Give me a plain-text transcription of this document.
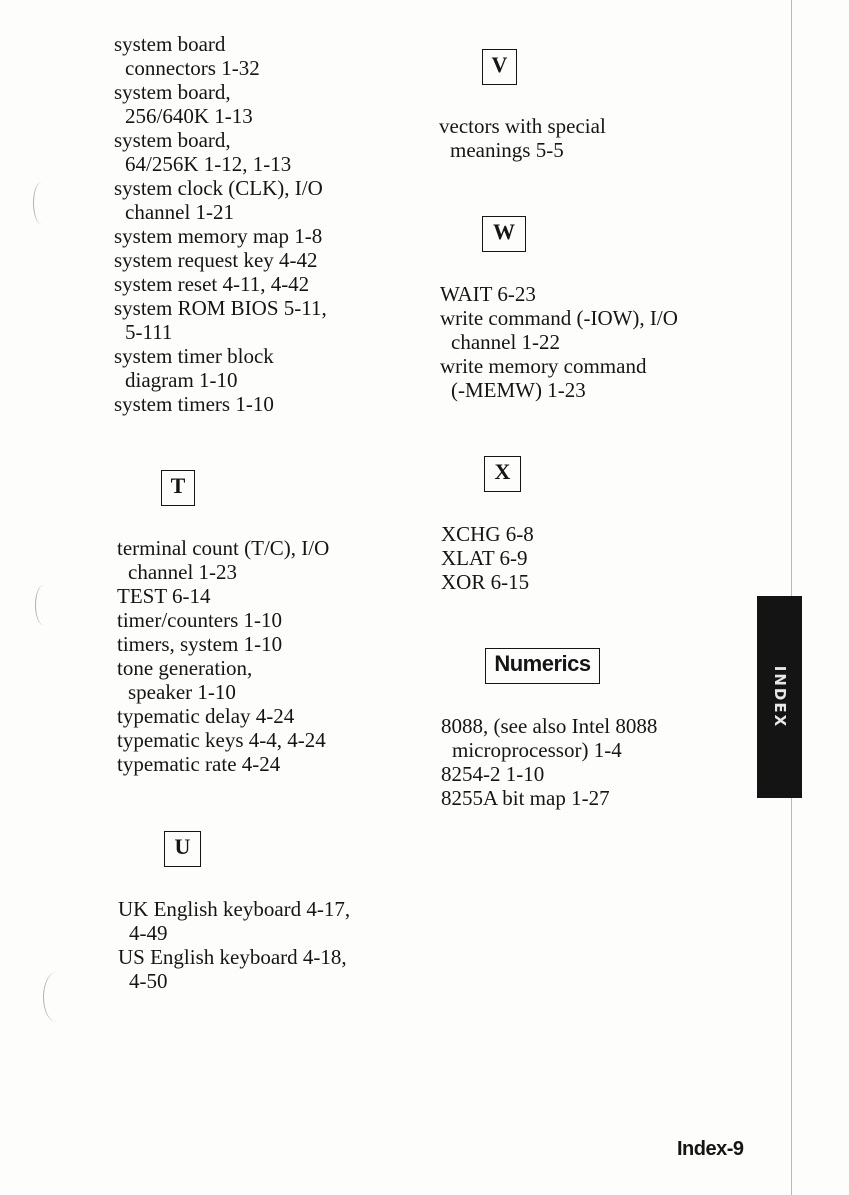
system board
connectors 1-32
system board,
256/640K 1-13
system board,
64/256K 1-12, 1-13
system clock (CLK), I/O
channel 1-21
system memory map 1-8
system request key 4-42
system reset 4-11, 4-42
system ROM BIOS 5-11,
5-111
system timer block
diagram 1-10
system timers 1-10
T
terminal count (T/C), I/O
channel 1-23
TEST 6-14
timer/counters 1-10
timers, system 1-10
tone generation,
speaker 1-10
typematic delay 4-24
typematic keys 4-4, 4-24
typematic rate 4-24
U
UK English keyboard 4-17,
4-49
US English keyboard 4-18,
4-50
V
vectors with special
meanings 5-5
W
WAIT 6-23
write command (-IOW), I/O
channel 1-22
write memory command
(-MEMW) 1-23
X
XCHG 6-8
XLAT 6-9
XOR 6-15
Numerics
8088, (see also Intel 8088
microprocessor) 1-4
8254-2 1-10
8255A bit map 1-27
INDEX
Index-9
